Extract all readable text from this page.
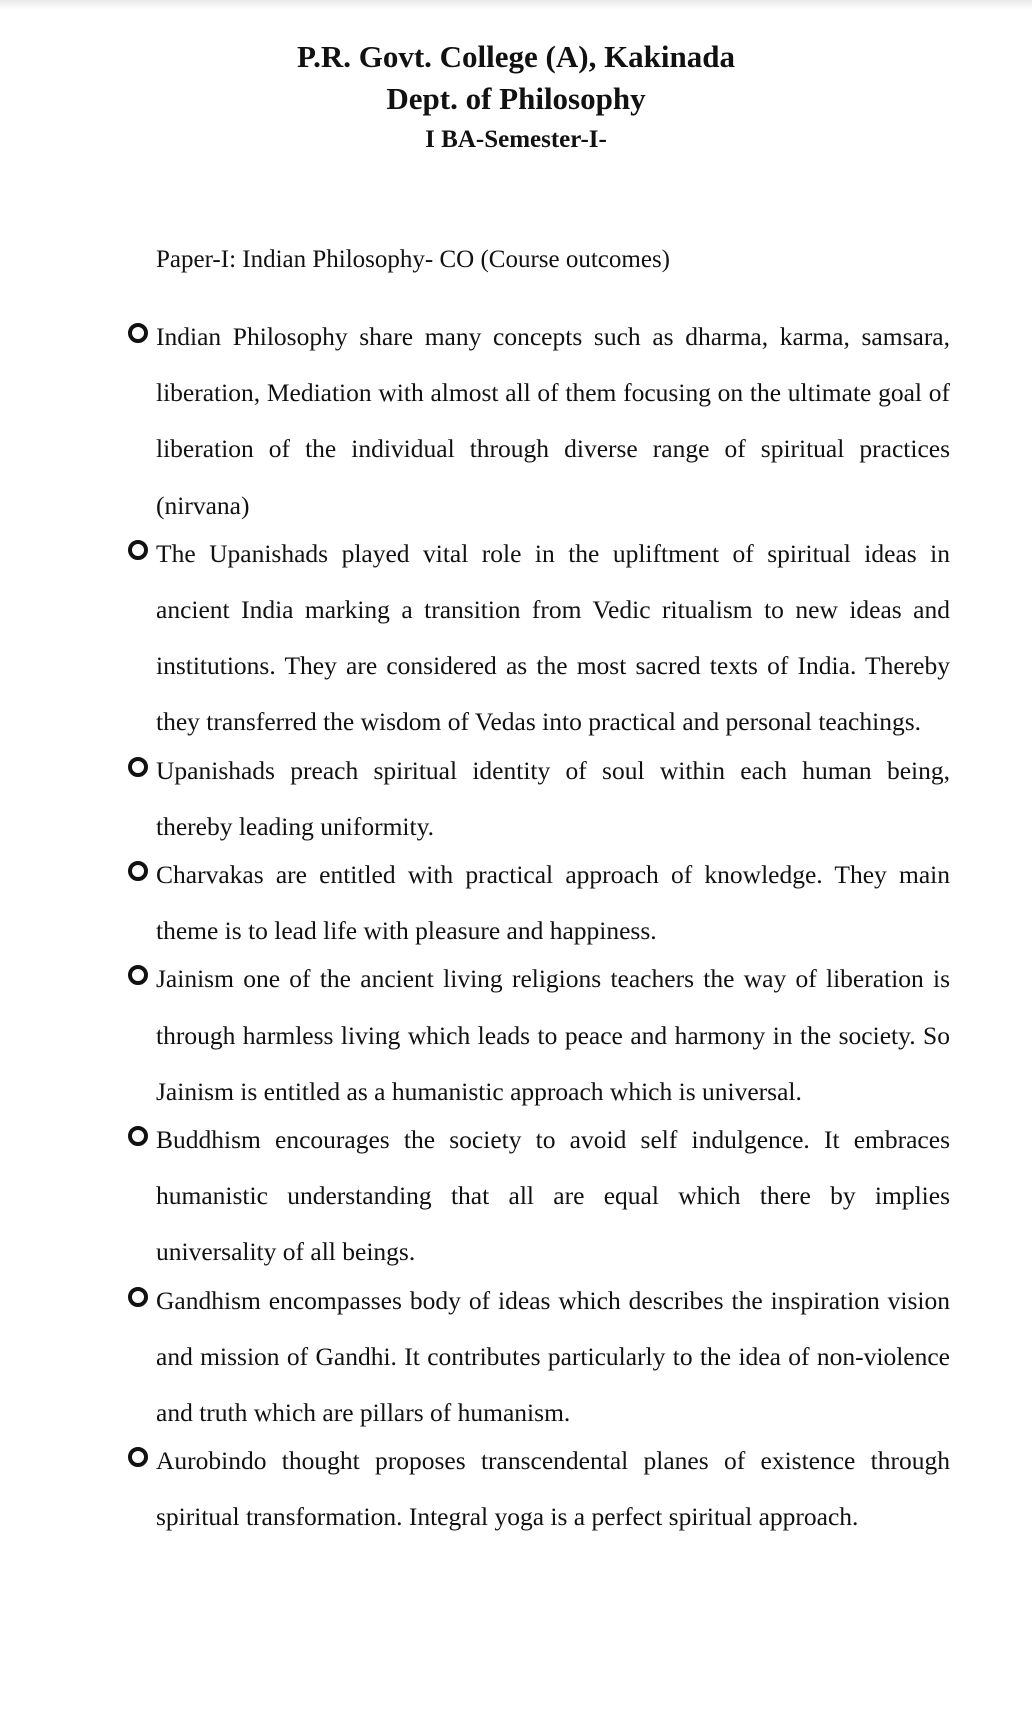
P.R. Govt. College (A), Kakinada
Dept. of Philosophy
I BA-Semester-I-
Paper-I: Indian Philosophy- CO (Course outcomes)
Indian Philosophy share many concepts such as dharma, karma, samsara, liberation, Mediation with almost all of them focusing on the ultimate goal of liberation of the individual through diverse range of spiritual practices (nirvana)
The Upanishads played vital role in the upliftment of spiritual ideas in ancient India marking a transition from Vedic ritualism to new ideas and institutions. They are considered as the most sacred texts of India. Thereby they transferred the wisdom of Vedas into practical and personal teachings.
Upanishads preach spiritual identity of soul within each human being, thereby leading uniformity.
Charvakas are entitled with practical approach of knowledge. They main theme is to lead life with pleasure and happiness.
Jainism one of the ancient living religions teachers the way of liberation is through harmless living which leads to peace and harmony in the society. So Jainism is entitled as a humanistic approach which is universal.
Buddhism encourages the society to avoid self indulgence. It embraces humanistic understanding that all are equal which there by implies universality of all beings.
Gandhism encompasses body of ideas which describes the inspiration vision and mission of Gandhi. It contributes particularly to the idea of non-violence and truth which are pillars of humanism.
Aurobindo thought proposes transcendental planes of existence through spiritual transformation. Integral yoga is a perfect spiritual approach.
